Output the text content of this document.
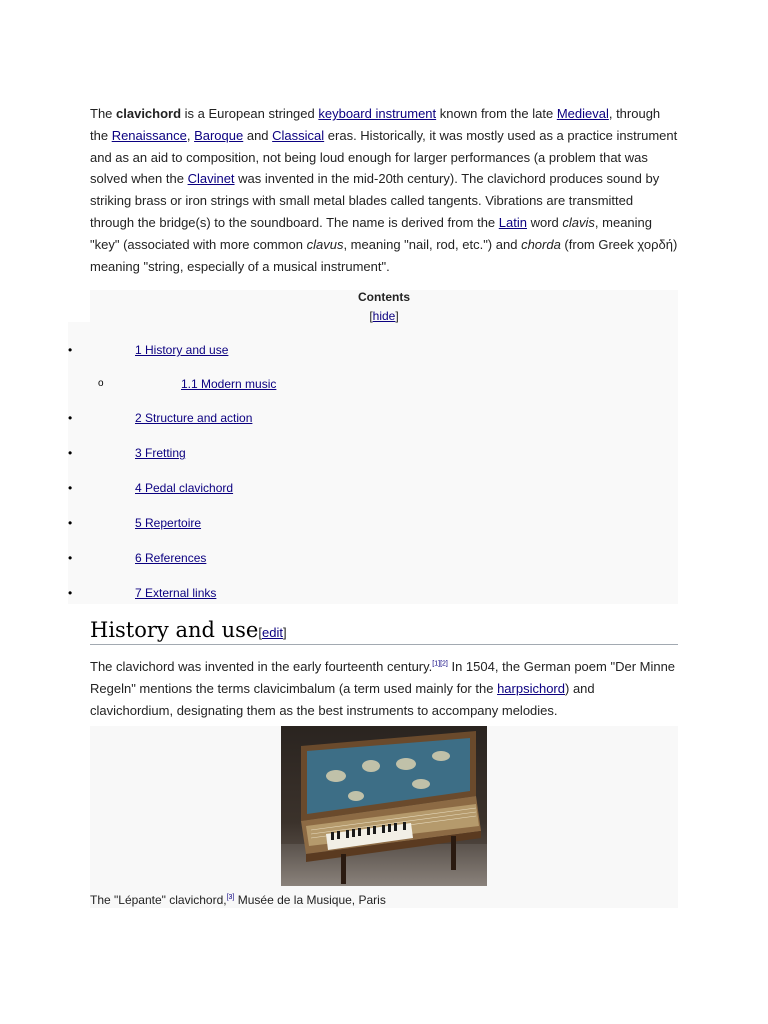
The clavichord is a European stringed keyboard instrument known from the late Medieval, through the Renaissance, Baroque and Classical eras. Historically, it was mostly used as a practice instrument and as an aid to composition, not being loud enough for larger performances (a problem that was solved when the Clavinet was invented in the mid-20th century). The clavichord produces sound by striking brass or iron strings with small metal blades called tangents. Vibrations are transmitted through the bridge(s) to the soundboard. The name is derived from the Latin word clavis, meaning "key" (associated with more common clavus, meaning "nail, rod, etc.") and chorda (from Greek χορδή) meaning "string, especially of a musical instrument".

Contents
[hide]
•	1 History and use
o	1.1 Modern music
•	2 Structure and action
•	3 Fretting
•	4 Pedal clavichord
•	5 Repertoire
•	6 References
•	7 External links
History and use[edit]

The clavichord was invented in the early fourteenth century.[1][2] In 1504, the German poem "Der Minne Regeln" mentions the terms clavicimbalum (a term used mainly for the harpsichord) and clavichordium, designating them as the best instruments to accompany melodies.

The "Lépante" clavichord,[3] Musée de la Musique, Paris
